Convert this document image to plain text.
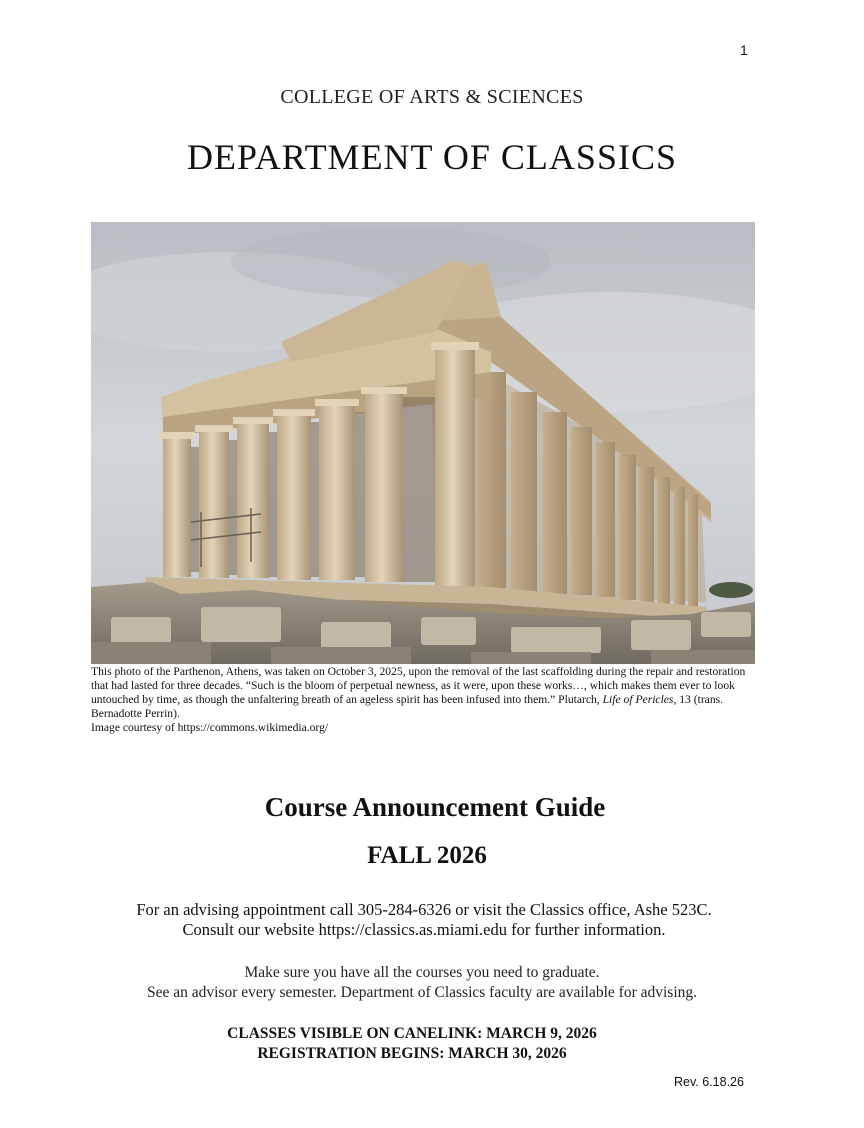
1
COLLEGE OF ARTS & SCIENCES
DEPARTMENT OF CLASSICS
This photo of the Parthenon, Athens, was taken on October 3, 2025, upon the removal of the last scaffolding during the repair and restoration that had lasted for three decades. “Such is the bloom of perpetual newness, as it were, upon these works…, which makes them ever to look untouched by time, as though the unfaltering breath of an ageless spirit has been infused into them.” Plutarch, Life of Pericles, 13 (trans. Bernadotte Perrin).
Image courtesy of https://commons.wikimedia.org/
Course Announcement Guide
FALL 2026
For an advising appointment call 305-284-6326 or visit the Classics office, Ashe 523C.
Consult our website https://classics.as.miami.edu for further information.
Make sure you have all the courses you need to graduate.
See an advisor every semester. Department of Classics faculty are available for advising.
CLASSES VISIBLE ON CANELINK: MARCH 9, 2026
REGISTRATION BEGINS: MARCH 30, 2026
Rev. 6.18.26
